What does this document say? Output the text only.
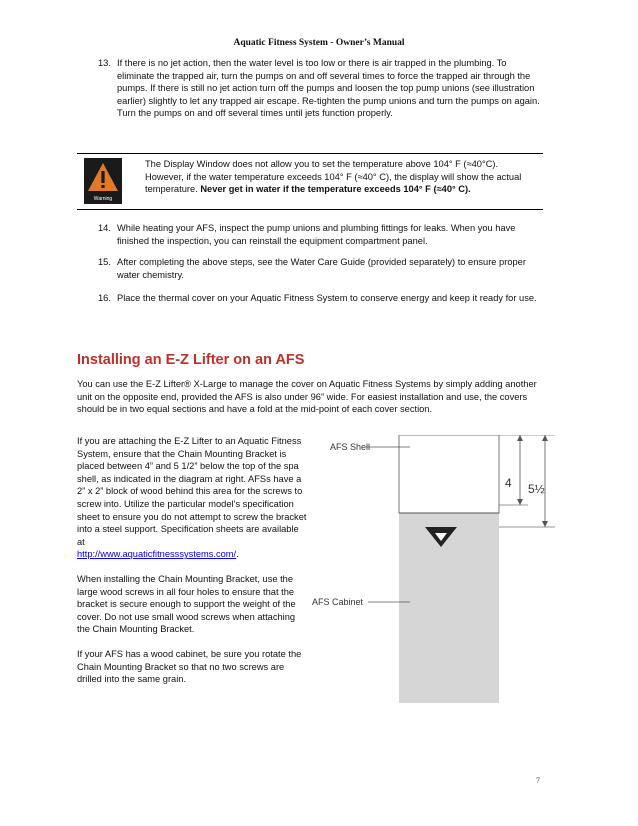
Aquatic Fitness System - Owner’s Manual
13. If there is no jet action, then the water level is too low or there is air trapped in the plumbing. To eliminate the trapped air, turn the pumps on and off several times to force the trapped air through the pumps. If there is still no jet action turn off the pumps and loosen the top pump unions (see illustration earlier) slightly to let any trapped air escape. Re-tighten the pump unions and turn the pumps on again. Turn the pumps on and off several times until jets function properly.
Warning
The Display Window does not allow you to set the temperature above 104° F (≈40°C). However, if the water temperature exceeds 104° F (≈40° C), the display will show the actual temperature. Never get in water if the temperature exceeds 104° F (≈40° C).
14. While heating your AFS, inspect the pump unions and plumbing fittings for leaks. When you have finished the inspection, you can reinstall the equipment compartment panel.
15. After completing the above steps, see the Water Care Guide (provided separately) to ensure proper water chemistry.
16. Place the thermal cover on your Aquatic Fitness System to conserve energy and keep it ready for use.
Installing an E-Z Lifter on an AFS
You can use the E-Z Lifter® X-Large to manage the cover on Aquatic Fitness Systems by simply adding another unit on the opposite end, provided the AFS is also under 96” wide. For easiest installation and use, the covers should be in two equal sections and have a fold at the mid-point of each cover section.

If you are attaching the E-Z Lifter to an Aquatic Fitness System, ensure that the Chain Mounting Bracket is placed between 4” and 5 1/2” below the top of the spa shell, as indicated in the diagram at right. AFSs have a 2” x 2” block of wood behind this area for the screws to screw into. Utilize the particular model’s specification sheet to ensure you do not attempt to screw the bracket into a steel support. Specification sheets are available at
http://www.aquaticfitnesssystems.com/.

When installing the Chain Mounting Bracket, use the large wood screws in all four holes to ensure that the bracket is secure enough to support the weight of the cover. Do not use small wood screws when attaching the Chain Mounting Bracket.

If your AFS has a wood cabinet, be sure you rotate the Chain Mounting Bracket so that no two screws are drilled into the same grain.

4 5½
AFS Shell
AFS Cabinet
7
